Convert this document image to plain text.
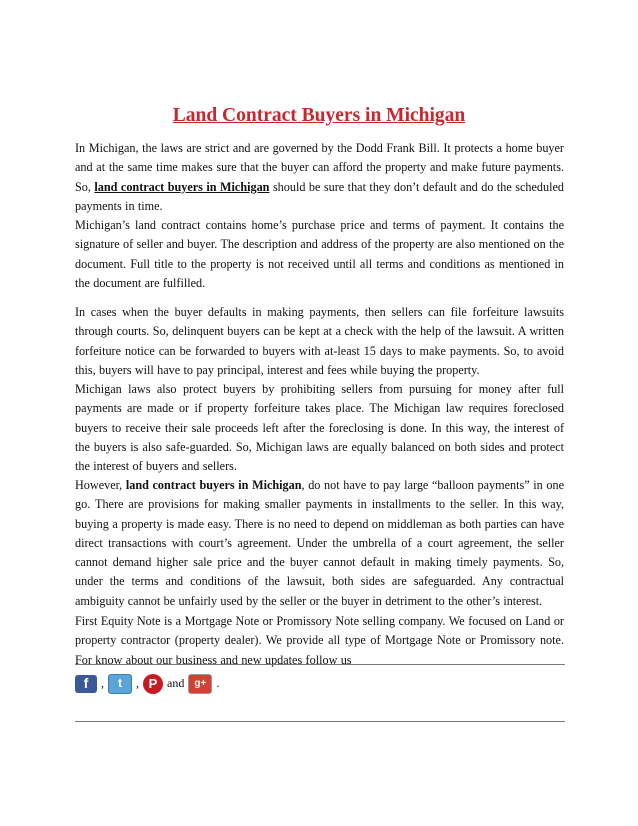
Land Contract Buyers in Michigan

In Michigan, the laws are strict and are governed by the Dodd Frank Bill. It protects a home buyer and at the same time makes sure that the buyer can afford the property and make future payments. So, land contract buyers in Michigan should be sure that they don’t default and do the scheduled payments in time.

Michigan’s land contract contains home’s purchase price and terms of payment. It contains the signature of seller and buyer. The description and address of the property are also mentioned on the document. Full title to the property is not received until all terms and conditions as mentioned in the document are fulfilled.

In cases when the buyer defaults in making payments, then sellers can file forfeiture lawsuits through courts. So, delinquent buyers can be kept at a check with the help of the lawsuit. A written forfeiture notice can be forwarded to buyers with at-least 15 days to make payments. So, to avoid this, buyers will have to pay principal, interest and fees while buying the property.

Michigan laws also protect buyers by prohibiting sellers from pursuing for money after full payments are made or if property forfeiture takes place. The Michigan law requires foreclosed buyers to receive their sale proceeds left after the foreclosing is done. In this way, the interest of the buyers is also safe-guarded. So, Michigan laws are equally balanced on both sides and protect the interest of buyers and sellers.

However, land contract buyers in Michigan, do not have to pay large “balloon payments” in one go. There are provisions for making smaller payments in installments to the seller. In this way, buying a property is made easy. There is no need to depend on middleman as both parties can have direct transactions with court’s agreement. Under the umbrella of a court agreement, the seller cannot demand higher sale price and the buyer cannot default in making timely payments. So, under the terms and conditions of the lawsuit, both sides are safeguarded. Any contractual ambiguity cannot be unfairly used by the seller or the buyer in detriment to the other’s interest.

First Equity Note is a Mortgage Note or Promissory Note selling company. We focused on Land or property contractor (property dealer). We provide all type of Mortgage Note or Promissory note. For know about our business and new updates follow us

f	,	t	, P and	g+ .
